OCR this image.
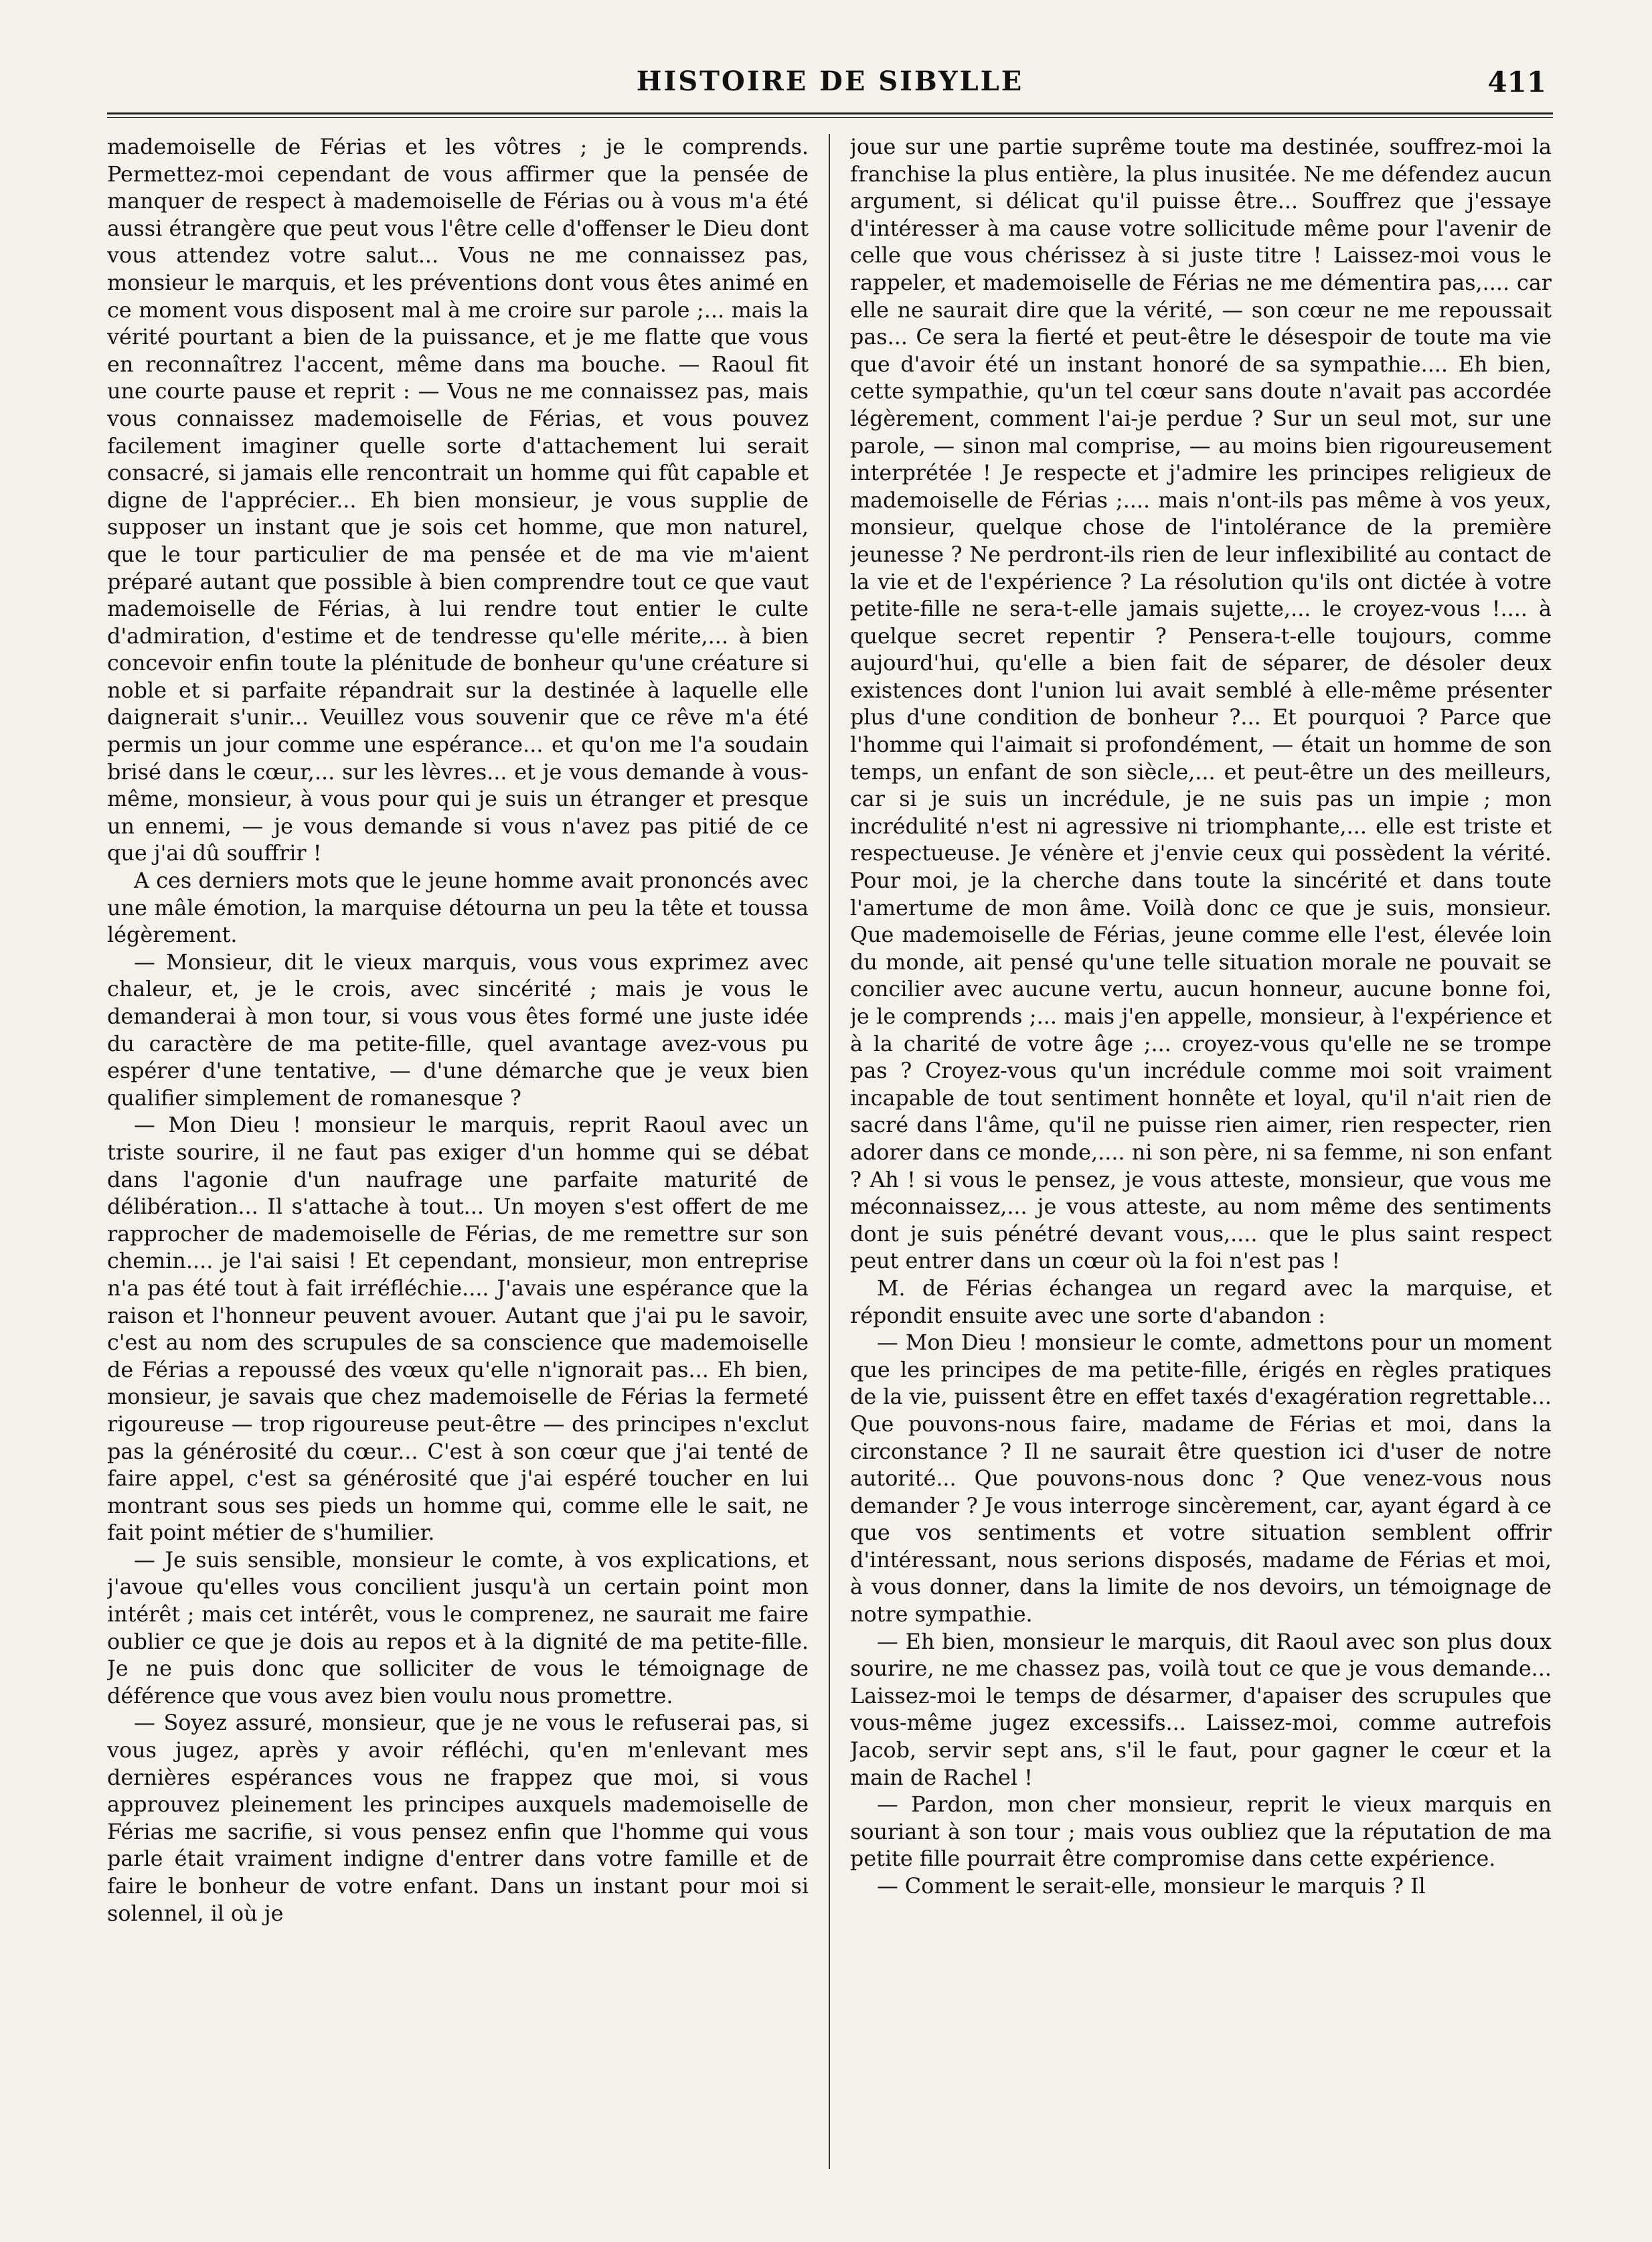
HISTOIRE DE SIBYLLE	411

mademoiselle de Férias et les vôtres ; je le comprends. Permettez-moi cependant de vous affirmer que la pensée de manquer de respect à mademoiselle de Férias ou à vous m'a été aussi étrangère que peut vous l'être celle d'offenser le Dieu dont vous attendez votre salut... Vous ne me connaissez pas, monsieur le marquis, et les préventions dont vous êtes animé en ce moment vous disposent mal à me croire sur parole ;... mais la vérité pourtant a bien de la puissance, et je me flatte que vous en reconnaîtrez l'accent, même dans ma bouche. — Raoul fit une courte pause et reprit : — Vous ne me connaissez pas, mais vous connaissez mademoiselle de Férias, et vous pouvez facilement imaginer quelle sorte d'attachement lui serait consacré, si jamais elle rencontrait un homme qui fût capable et digne de l'apprécier... Eh bien monsieur, je vous supplie de supposer un instant que je sois cet homme, que mon naturel, que le tour particulier de ma pensée et de ma vie m'aient préparé autant que possible à bien comprendre tout ce que vaut mademoiselle de Férias, à lui rendre tout entier le culte d'admiration, d'estime et de tendresse qu'elle mérite,... à bien concevoir enfin toute la plénitude de bonheur qu'une créature si noble et si parfaite répandrait sur la destinée à laquelle elle daignerait s'unir... Veuillez vous souvenir que ce rêve m'a été permis un jour comme une espérance... et qu'on me l'a soudain brisé dans le cœur,... sur les lèvres... et je vous demande à vous-même, monsieur, à vous pour qui je suis un étranger et presque un ennemi, — je vous demande si vous n'avez pas pitié de ce que j'ai dû souffrir !

A ces derniers mots que le jeune homme avait prononcés avec une mâle émotion, la marquise détourna un peu la tête et toussa légèrement.

— Monsieur, dit le vieux marquis, vous vous exprimez avec chaleur, et, je le crois, avec sincérité ; mais je vous le demanderai à mon tour, si vous vous êtes formé une juste idée du caractère de ma petite-fille, quel avantage avez-vous pu espérer d'une tentative, — d'une démarche que je veux bien qualifier simplement de romanesque ?

— Mon Dieu ! monsieur le marquis, reprit Raoul avec un triste sourire, il ne faut pas exiger d'un homme qui se débat dans l'agonie d'un naufrage une parfaite maturité de délibération... Il s'attache à tout... Un moyen s'est offert de me rapprocher de mademoiselle de Férias, de me remettre sur son chemin.... je l'ai saisi ! Et cependant, monsieur, mon entreprise n'a pas été tout à fait irréfléchie.... J'avais une espérance que la raison et l'honneur peuvent avouer. Autant que j'ai pu le savoir, c'est au nom des scrupules de sa conscience que mademoiselle de Férias a repoussé des vœux qu'elle n'ignorait pas... Eh bien, monsieur, je savais que chez mademoiselle de Férias la fermeté rigoureuse — trop rigoureuse peut-être — des principes n'exclut pas la générosité du cœur... C'est à son cœur que j'ai tenté de faire appel, c'est sa générosité que j'ai espéré toucher en lui montrant sous ses pieds un homme qui, comme elle le sait, ne fait point métier de s'humilier.

— Je suis sensible, monsieur le comte, à vos explications, et j'avoue qu'elles vous concilient jusqu'à un certain point mon intérêt ; mais cet intérêt, vous le comprenez, ne saurait me faire oublier ce que je dois au repos et à la dignité de ma petite-fille. Je ne puis donc que solliciter de vous le témoignage de déférence que vous avez bien voulu nous promettre.

— Soyez assuré, monsieur, que je ne vous le refuserai pas, si vous jugez, après y avoir réfléchi, qu'en m'enlevant mes dernières espérances vous ne frappez que moi, si vous approuvez pleinement les principes auxquels mademoiselle de Férias me sacrifie, si vous pensez enfin que l'homme qui vous parle était vraiment indigne d'entrer dans votre famille et de faire le bonheur de votre enfant. Dans un instant pour moi si solennel, il où je

joue sur une partie suprême toute ma destinée, souffrez-moi la franchise la plus entière, la plus inusitée. Ne me défendez aucun argument, si délicat qu'il puisse être... Souffrez que j'essaye d'intéresser à ma cause votre sollicitude même pour l'avenir de celle que vous chérissez à si juste titre ! Laissez-moi vous le rappeler, et mademoiselle de Férias ne me démentira pas,.... car elle ne saurait dire que la vérité, — son cœur ne me repoussait pas... Ce sera la fierté et peut-être le désespoir de toute ma vie que d'avoir été un instant honoré de sa sympathie.... Eh bien, cette sympathie, qu'un tel cœur sans doute n'avait pas accordée légèrement, comment l'ai-je perdue ? Sur un seul mot, sur une parole, — sinon mal comprise, — au moins bien rigoureusement interprétée ! Je respecte et j'admire les principes religieux de mademoiselle de Férias ;.... mais n'ont-ils pas même à vos yeux, monsieur, quelque chose de l'intolérance de la première jeunesse ? Ne perdront-ils rien de leur inflexibilité au contact de la vie et de l'expérience ? La résolution qu'ils ont dictée à votre petite-fille ne sera-t-elle jamais sujette,... le croyez-vous !.... à quelque secret repentir ? Pensera-t-elle toujours, comme aujourd'hui, qu'elle a bien fait de séparer, de désoler deux existences dont l'union lui avait semblé à elle-même présenter plus d'une condition de bonheur ?... Et pourquoi ? Parce que l'homme qui l'aimait si profondément, — était un homme de son temps, un enfant de son siècle,... et peut-être un des meilleurs, car si je suis un incrédule, je ne suis pas un impie ; mon incrédulité n'est ni agressive ni triomphante,... elle est triste et respectueuse. Je vénère et j'envie ceux qui possèdent la vérité. Pour moi, je la cherche dans toute la sincérité et dans toute l'amertume de mon âme. Voilà donc ce que je suis, monsieur. Que mademoiselle de Férias, jeune comme elle l'est, élevée loin du monde, ait pensé qu'une telle situation morale ne pouvait se concilier avec aucune vertu, aucun honneur, aucune bonne foi, je le comprends ;... mais j'en appelle, monsieur, à l'expérience et à la charité de votre âge ;... croyez-vous qu'elle ne se trompe pas ? Croyez-vous qu'un incrédule comme moi soit vraiment incapable de tout sentiment honnête et loyal, qu'il n'ait rien de sacré dans l'âme, qu'il ne puisse rien aimer, rien respecter, rien adorer dans ce monde,.... ni son père, ni sa femme, ni son enfant ? Ah ! si vous le pensez, je vous atteste, monsieur, que vous me méconnaissez,... je vous atteste, au nom même des sentiments dont je suis pénétré devant vous,.... que le plus saint respect peut entrer dans un cœur où la foi n'est pas !

M. de Férias échangea un regard avec la marquise, et répondit ensuite avec une sorte d'abandon :

— Mon Dieu ! monsieur le comte, admettons pour un moment que les principes de ma petite-fille, érigés en règles pratiques de la vie, puissent être en effet taxés d'exagération regrettable... Que pouvons-nous faire, madame de Férias et moi, dans la circonstance ? Il ne saurait être question ici d'user de notre autorité... Que pouvons-nous donc ? Que venez-vous nous demander ? Je vous interroge sincèrement, car, ayant égard à ce que vos sentiments et votre situation semblent offrir d'intéressant, nous serions disposés, madame de Férias et moi, à vous donner, dans la limite de nos devoirs, un témoignage de notre sympathie.

— Eh bien, monsieur le marquis, dit Raoul avec son plus doux sourire, ne me chassez pas, voilà tout ce que je vous demande... Laissez-moi le temps de désarmer, d'apaiser des scrupules que vous-même jugez excessifs... Laissez-moi, comme autrefois Jacob, servir sept ans, s'il le faut, pour gagner le cœur et la main de Rachel !

— Pardon, mon cher monsieur, reprit le vieux marquis en souriant à son tour ; mais vous oubliez que la réputation de ma petite fille pourrait être compromise dans cette expérience.

— Comment le serait-elle, monsieur le marquis ? Il
